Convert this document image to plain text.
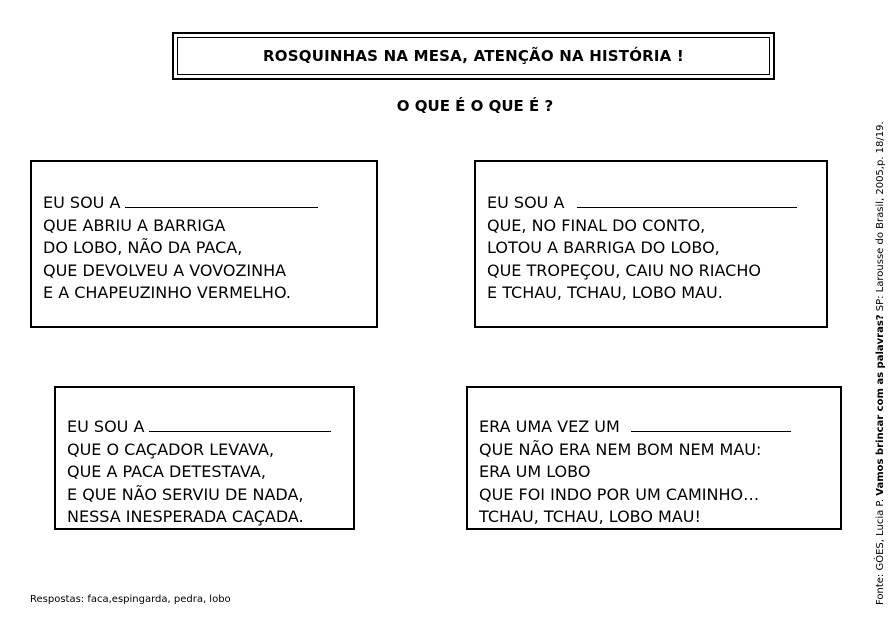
ROSQUINHAS NA MESA, ATENÇÃO NA HISTÓRIA !
O QUE É O QUE É ?
EU SOU A
QUE ABRIU A BARRIGA
DO LOBO, NÃO DA PACA,
QUE DEVOLVEU A VOVOZINHA
E A CHAPEUZINHO VERMELHO.
EU SOU A
QUE, NO FINAL DO CONTO,
LOTOU A BARRIGA DO LOBO,
QUE TROPEÇOU, CAIU NO RIACHO
E TCHAU, TCHAU, LOBO MAU.
EU SOU A
QUE O CAÇADOR LEVAVA,
QUE A PACA DETESTAVA,
E QUE NÃO SERVIU DE NADA,
NESSA INESPERADA CAÇADA.
ERA UMA VEZ UM
QUE NÃO ERA NEM BOM NEM MAU:
ERA UM LOBO
QUE FOI INDO POR UM CAMINHO…
TCHAU, TCHAU, LOBO MAU!
Respostas: faca,espingarda, pedra, lobo	Fonte: GÓES, Lucia P. Vamos brincar com as palavras? SP: Larousse do Brasil, 2005,p. 18/19.
